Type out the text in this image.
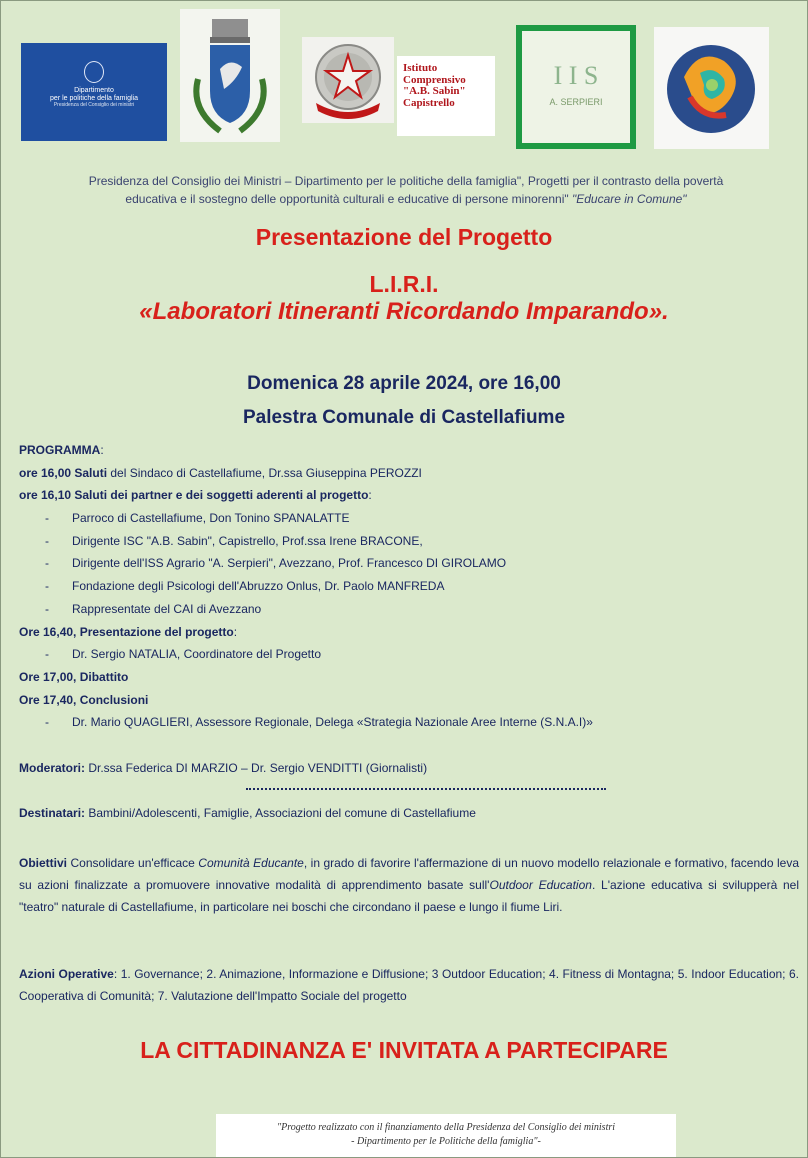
Dipartimento
per le politiche della famiglia
Presidenza del Consiglio dei ministri
Istituto
Comprensivo
"A.B. Sabin"
Capistrello
I I S
A. SERPIERI
Presidenza del Consiglio dei Ministri – Dipartimento per le politiche della famiglia", Progetti per il contrasto della povertà
educativa e il sostegno delle opportunità culturali e educative di persone minorenni" "Educare in Comune"
Presentazione del Progetto
L.I.R.I.
«Laboratori Itineranti Ricordando Imparando».
Domenica 28 aprile 2024, ore 16,00
Palestra Comunale di Castellafiume
PROGRAMMA:
ore 16,00 Saluti del Sindaco di Castellafiume, Dr.ssa Giuseppina PEROZZI
ore 16,10 Saluti dei partner e dei soggetti aderenti al progetto:
- Parroco di Castellafiume, Don Tonino SPANALATTE
- Dirigente ISC "A.B. Sabin", Capistrello, Prof.ssa Irene BRACONE,
- Dirigente dell'ISS Agrario "A. Serpieri", Avezzano, Prof. Francesco DI GIROLAMO
- Fondazione degli Psicologi dell'Abruzzo Onlus, Dr. Paolo MANFREDA
- Rappresentate del CAI di Avezzano
Ore 16,40, Presentazione del progetto:
- Dr. Sergio NATALIA, Coordinatore del Progetto
Ore 17,00, Dibattito
Ore 17,40, Conclusioni
- Dr. Mario QUAGLIERI, Assessore Regionale, Delega «Strategia Nazionale Aree Interne (S.N.A.I)»
Moderatori: Dr.ssa Federica DI MARZIO – Dr. Sergio VENDITTI (Giornalisti)
Destinatari: Bambini/Adolescenti, Famiglie, Associazioni del comune di Castellafiume
Obiettivi Consolidare un'efficace Comunità Educante, in grado di favorire l'affermazione di un nuovo modello relazionale e formativo, facendo leva su azioni finalizzate a promuovere innovative modalità di apprendimento basate sull'Outdoor Education. L'azione educativa si svilupperà nel "teatro" naturale di Castellafiume, in particolare nei boschi che circondano il paese e lungo il fiume Liri.
Azioni Operative: 1. Governance; 2. Animazione, Informazione e Diffusione; 3 Outdoor Education; 4. Fitness di Montagna; 5. Indoor Education; 6. Cooperativa di Comunità; 7. Valutazione dell'Impatto Sociale del progetto
LA CITTADINANZA E' INVITATA A PARTECIPARE
"Progetto realizzato con il finanziamento della Presidenza del Consiglio dei ministri
- Dipartimento per le Politiche della famiglia"-
